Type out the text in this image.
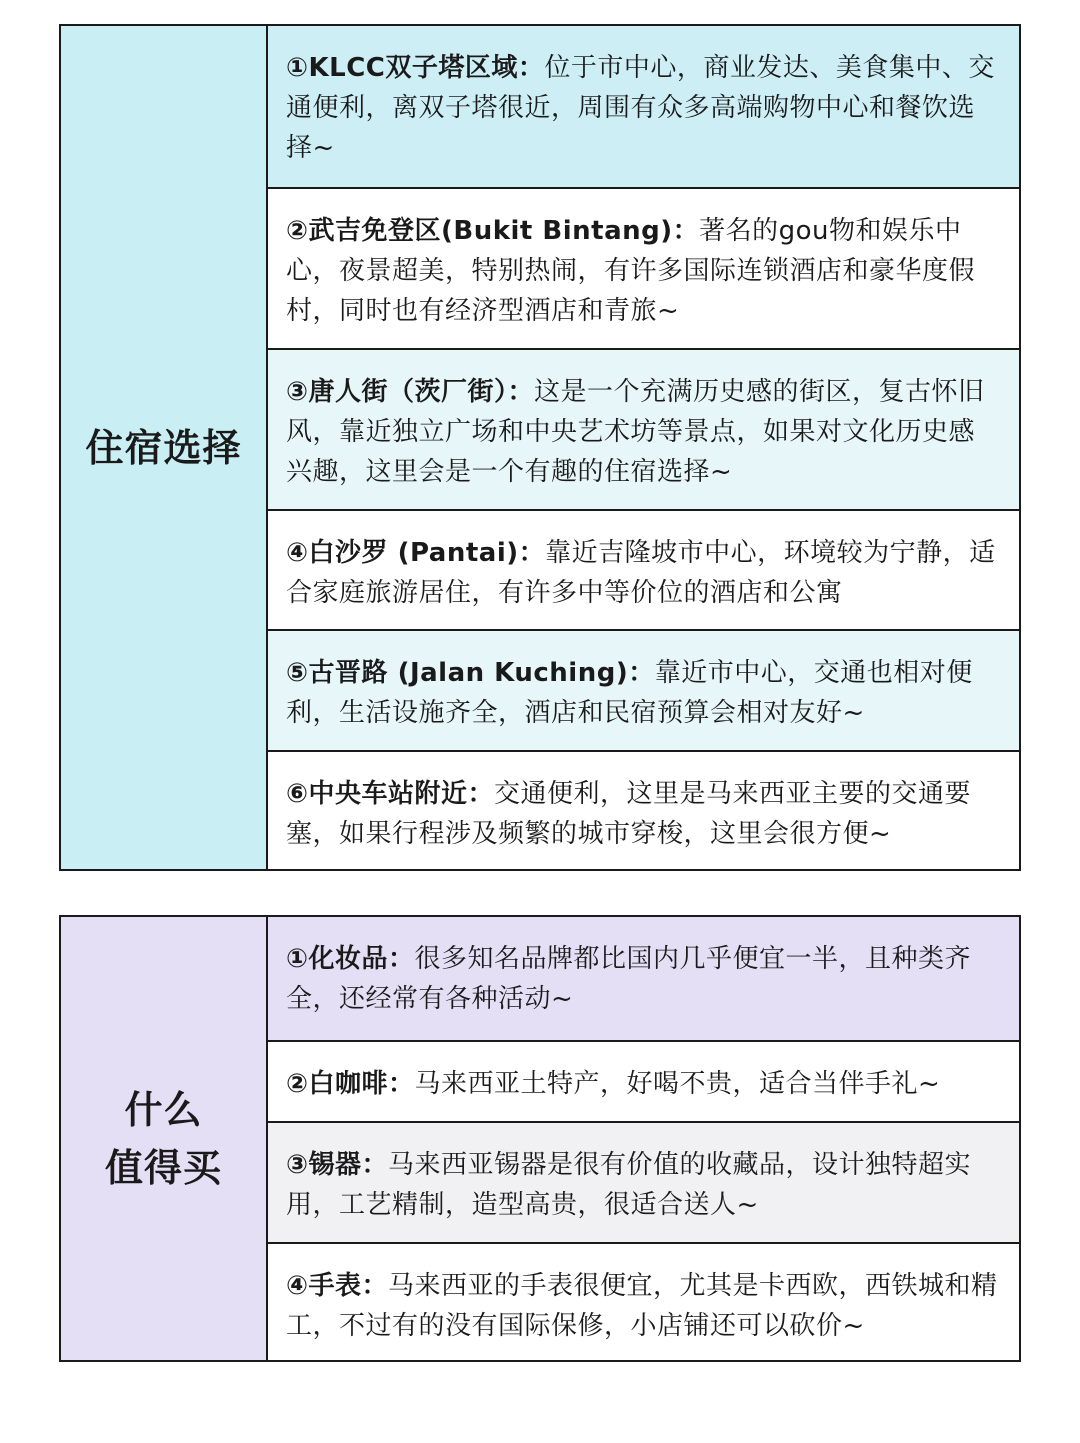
住宿选择
①KLCC双子塔区域：位于市中心，商业发达、美食集中、交通便利，离双子塔很近，周围有众多高端购物中心和餐饮选择~
②武吉免登区(Bukit Bintang)：著名的gou物和娱乐中心，夜景超美，特别热闹，有许多国际连锁酒店和豪华度假村，同时也有经济型酒店和青旅~
③唐人街（茨厂街）：这是一个充满历史感的街区，复古怀旧风，靠近独立广场和中央艺术坊等景点，如果对文化历史感兴趣，这里会是一个有趣的住宿选择~
④白沙罗 (Pantai)：靠近吉隆坡市中心，环境较为宁静，适合家庭旅游居住，有许多中等价位的酒店和公寓
⑤古晋路 (Jalan Kuching)：靠近市中心，交通也相对便利，生活设施齐全，酒店和民宿预算会相对友好~
⑥中央车站附近：交通便利，这里是马来西亚主要的交通要塞，如果行程涉及频繁的城市穿梭，这里会很方便~
什么
值得买
①化妆品：很多知名品牌都比国内几乎便宜一半，且种类齐全，还经常有各种活动~
②白咖啡：马来西亚土特产，好喝不贵，适合当伴手礼~
③锡器：马来西亚锡器是很有价值的收藏品，设计独特超实用，工艺精制，造型高贵，很适合送人~
④手表：马来西亚的手表很便宜，尤其是卡西欧，西铁城和精工，不过有的没有国际保修，小店铺还可以砍价~
